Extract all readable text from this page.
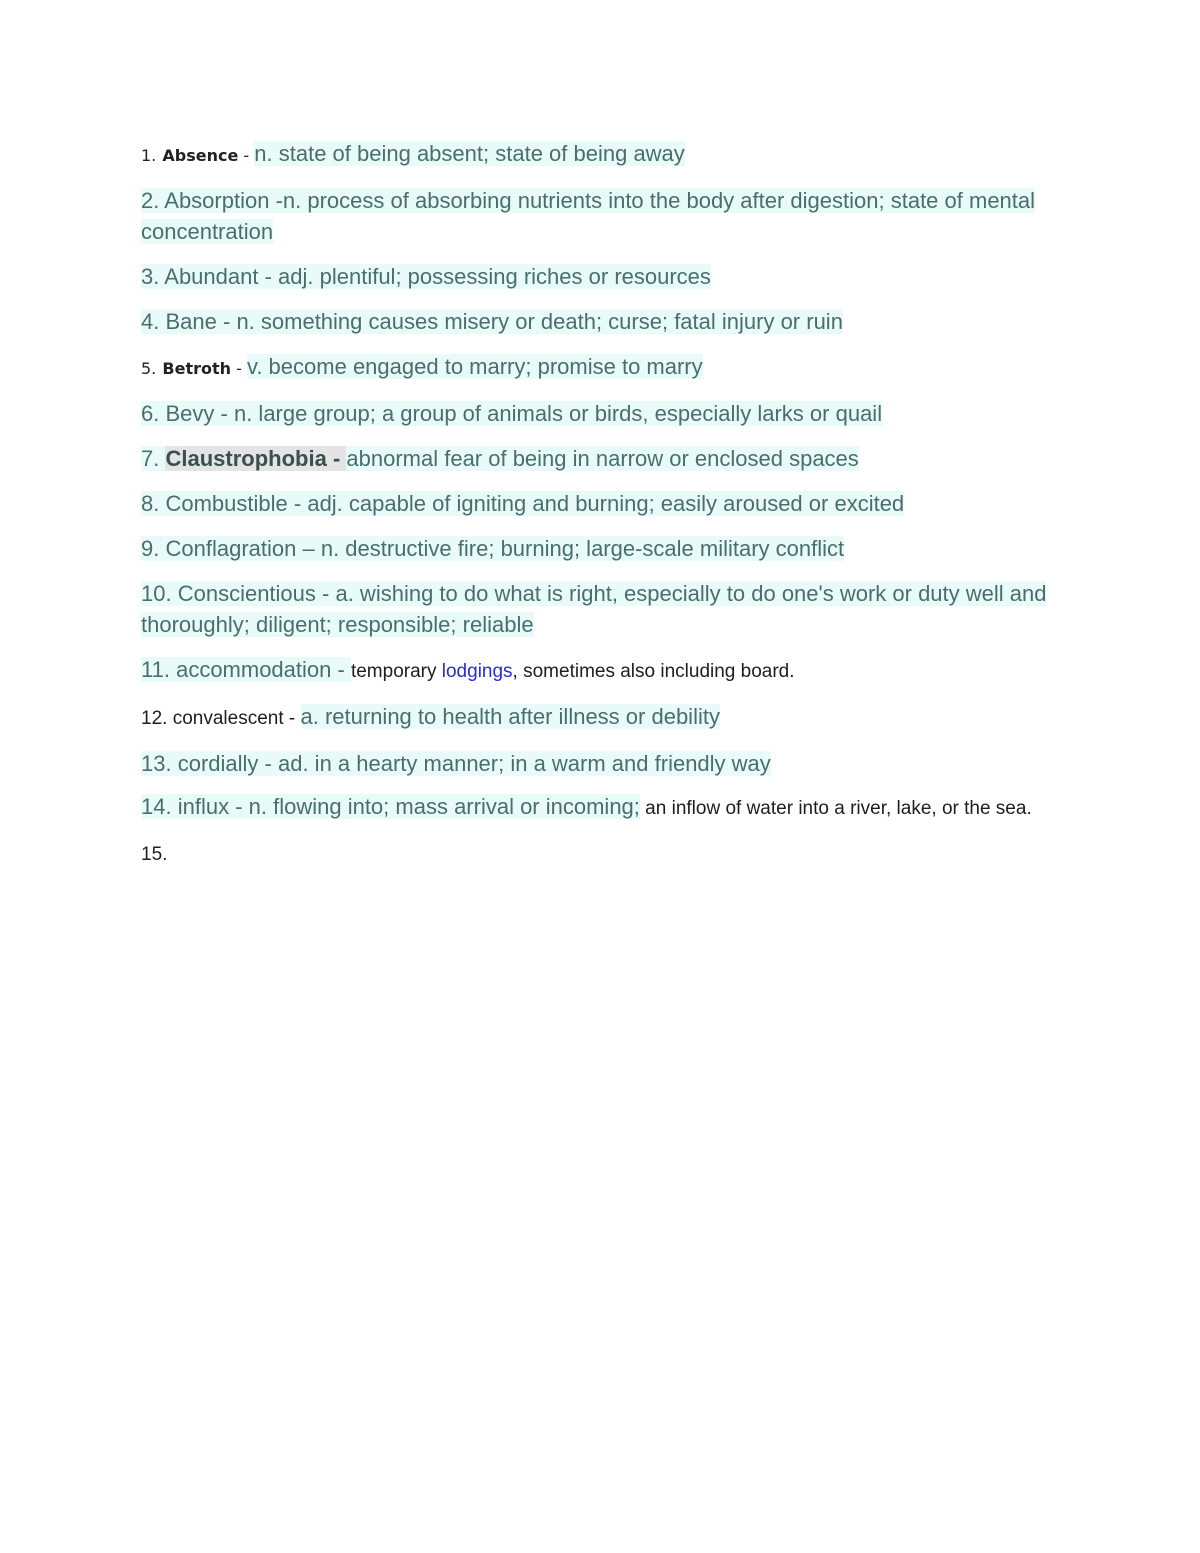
1. Absence - n. state of being absent; state of being away

2. Absorption -n. process of absorbing nutrients into the body after digestion; state of mental concentration

3. Abundant - adj. plentiful; possessing riches or resources

4. Bane - n. something causes misery or death; curse; fatal injury or ruin

5. Betroth - v. become engaged to marry; promise to marry

6. Bevy - n. large group; a group of animals or birds, especially larks or quail

7. Claustrophobia - abnormal fear of being in narrow or enclosed spaces

8. Combustible - adj. capable of igniting and burning; easily aroused or excited

9. Conflagration – n. destructive fire; burning; large-scale military conflict

10. Conscientious - a. wishing to do what is right, especially to do one's work or duty well and thoroughly; diligent; responsible; reliable

11. accommodation - temporary lodgings, sometimes also including board.

12. convalescent - a. returning to health after illness or debility

13. cordially - ad. in a hearty manner; in a warm and friendly way

14. influx - n. flowing into; mass arrival or incoming; an inflow of water into a river, lake, or the sea.

15.
